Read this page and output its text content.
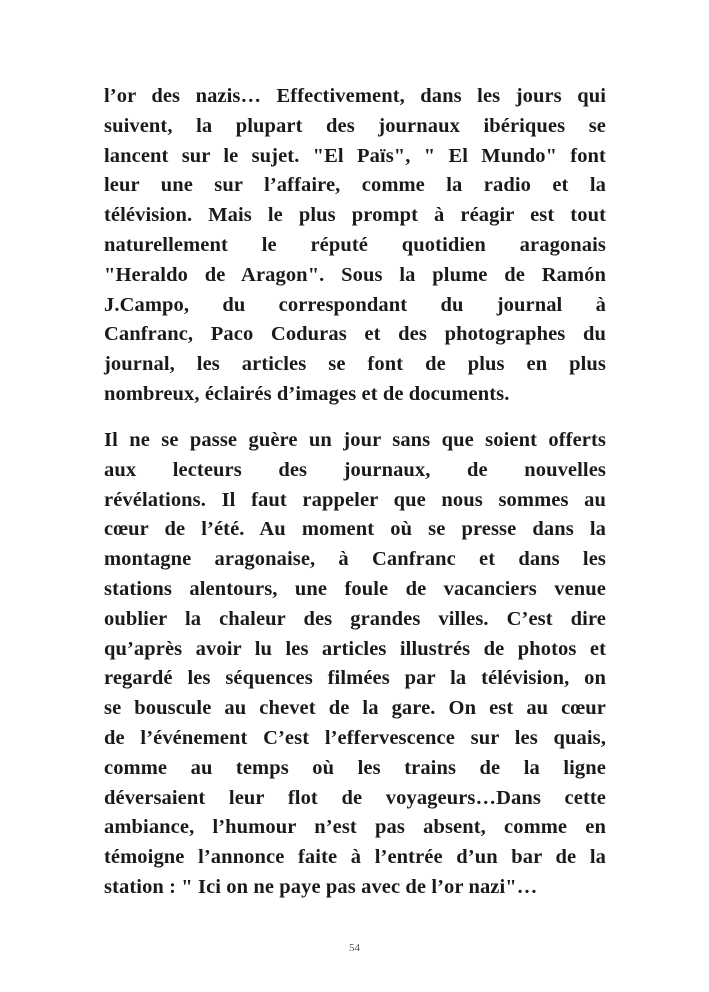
l’or des nazis… Effectivement, dans les jours qui
suivent, la plupart des journaux ibériques se
lancent sur le sujet. "El Païs", " El Mundo" font
leur une sur l’affaire, comme la radio et la
télévision. Mais le plus prompt à réagir est tout
naturellement le réputé quotidien aragonais
"Heraldo de Aragon". Sous la plume de Ramón
J.Campo, du correspondant du journal à
Canfranc, Paco Coduras et des photographes du
journal, les articles se font de plus en plus
nombreux, éclairés d’images et de documents.
Il ne se passe guère un jour sans que soient offerts
aux lecteurs des journaux, de nouvelles
révélations. Il faut rappeler que nous sommes au
cœur de l’été. Au moment où se presse dans la
montagne aragonaise, à Canfranc et dans les
stations alentours, une foule de vacanciers venue
oublier la chaleur des grandes villes. C’est dire
qu’après avoir lu les articles illustrés de photos et
regardé les séquences filmées par la télévision, on
se bouscule au chevet de la gare. On est au cœur
de l’événement C’est l’effervescence sur les quais,
comme au temps où les trains de la ligne
déversaient leur flot de voyageurs…Dans cette
ambiance, l’humour n’est pas absent, comme en
témoigne l’annonce faite à l’entrée d’un bar de la
station : " Ici on ne paye pas avec de l’or nazi"…
54
